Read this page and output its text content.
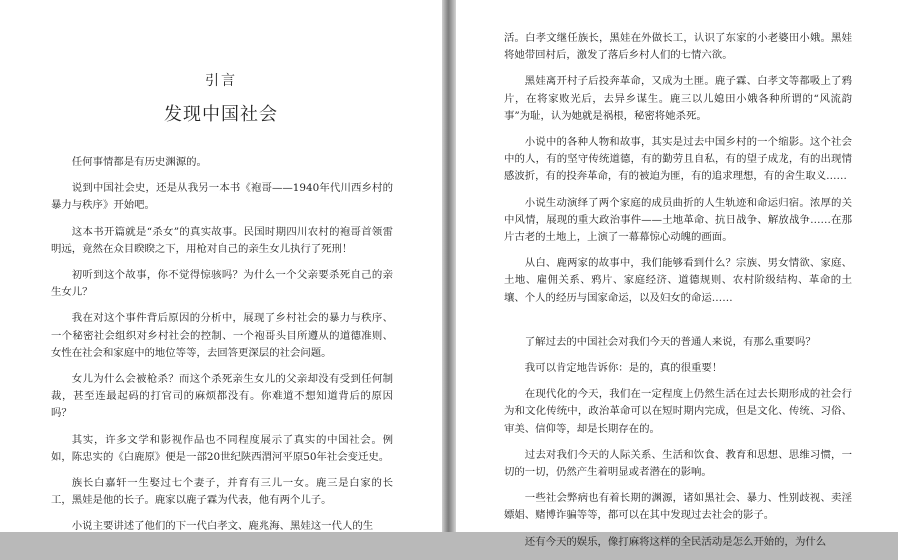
引言
发现中国社会

任何事情都是有历史渊源的。

说到中国社会史，还是从我另一本书《袍哥——1940年代川西乡村的暴力与秩序》开始吧。

这本书开篇就是“杀女”的真实故事。民国时期四川农村的袍哥首领雷明远，竟然在众目睽睽之下，用枪对自己的亲生女儿执行了死刑！

初听到这个故事，你不觉得惊骇吗？为什么一个父亲要杀死自己的亲生女儿？

我在对这个事件背后原因的分析中，展现了乡村社会的暴力与秩序、一个秘密社会组织对乡村社会的控制、一个袍哥头目所遵从的道德准则、女性在社会和家庭中的地位等等，去回答更深层的社会问题。

女儿为什么会被枪杀？而这个杀死亲生女儿的父亲却没有受到任何制裁，甚至连最起码的打官司的麻烦都没有。你难道不想知道背后的原因吗？

其实，许多文学和影视作品也不同程度展示了真实的中国社会。例如，陈忠实的《白鹿原》便是一部20世纪陕西渭河平原50年社会变迁史。

族长白嘉轩一生娶过七个妻子，并育有三儿一女。鹿三是白家的长工，黑娃是他的长子。鹿家以鹿子霖为代表，他有两个儿子。

小说主要讲述了他们的下一代白孝文、鹿兆海、黑娃这一代人的生

活。白孝文继任族长，黑娃在外做长工，认识了东家的小老婆田小娥。黑娃将她带回村后，激发了落后乡村人们的七情六欲。

黑娃离开村子后投奔革命，又成为土匪。鹿子霖、白孝文等都吸上了鸦片，在将家败光后，去异乡谋生。鹿三以儿媳田小娥各种所谓的“风流韵事”为耻，认为她就是祸根，秘密将她杀死。

小说中的各种人物和故事，其实是过去中国乡村的一个缩影。这个社会中的人，有的坚守传统道德，有的勤劳且自私，有的望子成龙，有的出现情感波折，有的投奔革命，有的被迫为匪，有的追求理想，有的舍生取义……

小说生动演绎了两个家庭的成员曲折的人生轨迹和命运归宿。浓厚的关中风情，展现的重大政治事件——土地革命、抗日战争、解放战争……在那片古老的土地上，上演了一幕幕惊心动魄的画面。

从白、鹿两家的故事中，我们能够看到什么？宗族、男女情欲、家庭、土地、雇佣关系、鸦片、家庭经济、道德规则、农村阶级结构、革命的土壤、个人的经历与国家命运，以及妇女的命运……

了解过去的中国社会对我们今天的普通人来说，有那么重要吗？

我可以肯定地告诉你：是的，真的很重要！

在现代化的今天，我们在一定程度上仍然生活在过去长期形成的社会行为和文化传统中，政治革命可以在短时期内完成，但是文化、传统、习俗、审美、信仰等，却是长期存在的。

过去对我们今天的人际关系、生活和饮食、教育和思想、思维习惯，一切的一切，仍然产生着明显或者潜在的影响。

一些社会弊病也有着长期的渊源，诸如黑社会、暴力、性别歧视、卖淫嫖娼、赌博诈骗等等，都可以在其中发现过去社会的影子。

还有今天的娱乐，像打麻将这样的全民活动是怎么开始的，为什么
